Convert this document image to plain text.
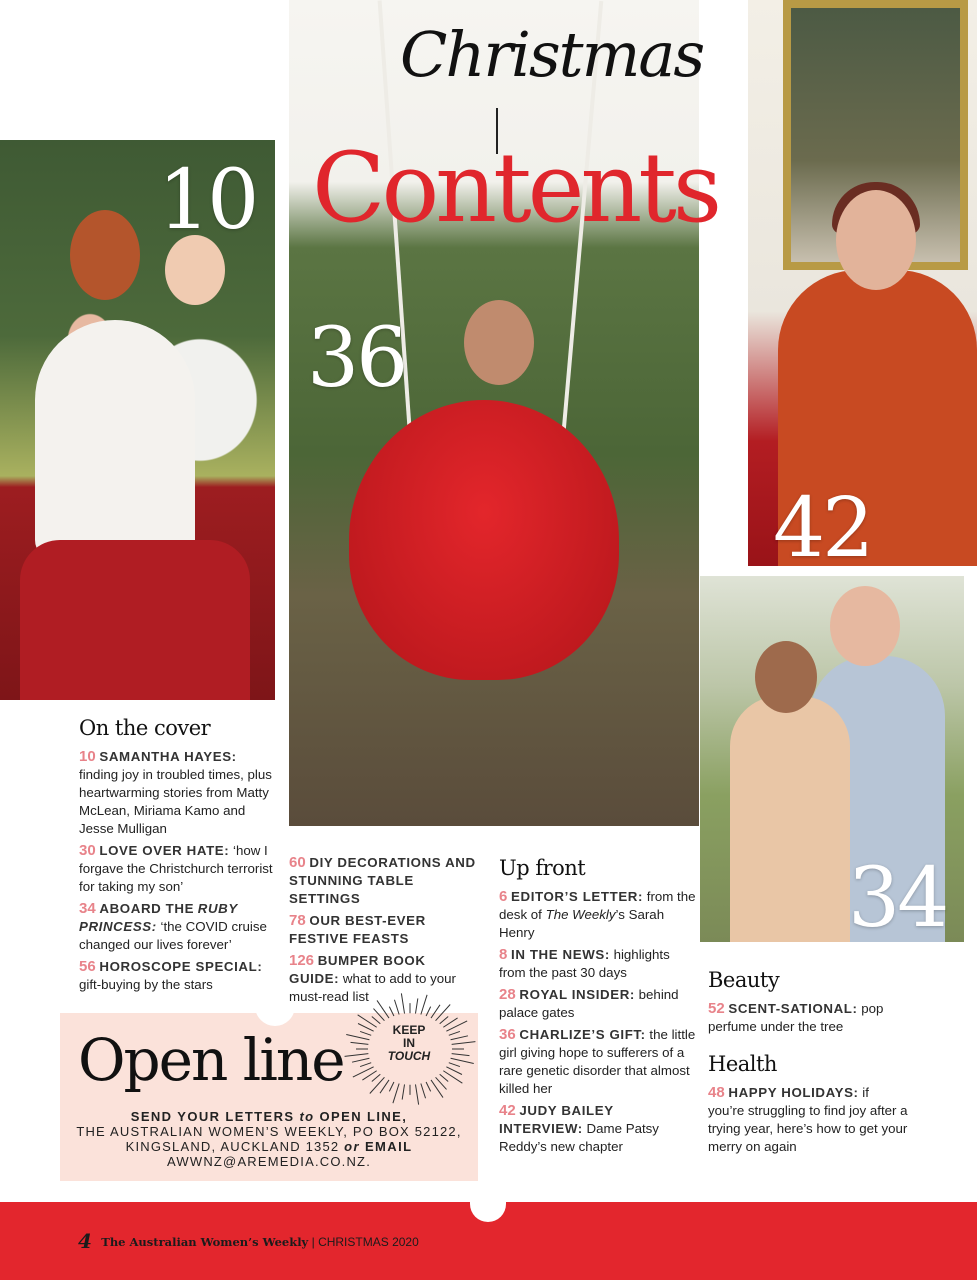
10
36
42
34
Christmas
Contents
On the cover
10 SAMANTHA HAYES: finding joy in troubled times, plus heartwarming stories from Matty McLean, Miriama Kamo and Jesse Mulligan
30 LOVE OVER HATE: ‘how I forgave the Christchurch terrorist for taking my son’
34 ABOARD THE RUBY PRINCESS: ‘the COVID cruise changed our lives forever’
56 HOROSCOPE SPECIAL: gift-buying by the stars
60 DIY DECORATIONS AND STUNNING TABLE SETTINGS
78 OUR BEST-EVER FESTIVE FEASTS
126 BUMPER BOOK GUIDE: what to add to your must-read list
Up front
6 EDITOR’S LETTER: from the desk of The Weekly’s Sarah Henry
8 IN THE NEWS: highlights from the past 30 days
28 ROYAL INSIDER: behind palace gates
36 CHARLIZE’S GIFT: the little girl giving hope to sufferers of a rare genetic disorder that almost killed her
42 JUDY BAILEY INTERVIEW: Dame Patsy Reddy’s new chapter
Beauty
52 SCENT-SATIONAL: pop perfume under the tree
Health
48 HAPPY HOLIDAYS: if you’re struggling to find joy after a trying year, here’s how to get your merry on again
Open line
SEND YOUR LETTERS to OPEN LINE,
THE AUSTRALIAN WOMEN’S WEEKLY, PO BOX 52122,
KINGSLAND, AUCKLAND 1352 or EMAIL
AWWNZ@AREMEDIA.CO.NZ.
KEEP
IN
TOUCH
4 The Australian Women’s Weekly | CHRISTMAS 2020
